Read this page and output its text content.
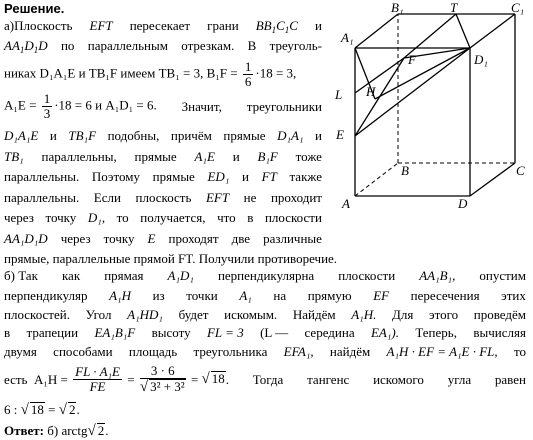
Решение.
а)Плоскость EFT пересекает грани $BB_1C_1C$ и
$AA_1D_1D$ по параллельным отрезкам. В треуголь-
никах D₁A₁E и TB₁F имеем TB₁ = 3, $B_1F = \frac{1}{6} \cdot 18 = 3$,
$A_1E = \frac{1}{3} \cdot 18 = 6$ и A₁D₁ = 6. Значит, треугольники
D₁A₁E и TB₁F подобны, причём прямые D₁A₁ и
TB₁ параллельны, прямые A₁E и B₁F тоже
параллельны. Поэтому прямые ED₁ и FT также
параллельны. Если плоскость EFT не проходит
через точку D₁, то получается, что в плоскости
AA₁D₁D через точку E проходят две различные
прямые, параллельные прямой FT. Получили противоречие.
б) Так как прямая A₁D₁ перпендикулярна плоскости AA₁B₁, опустим
перпендикуляр A₁H из точки A₁ на прямую EF пересечения этих
плоскостей. Угол A₁HD₁ будет искомым. Найдём A₁H. Для этого проведём
в трапеции EA₁B₁F высоту FL = 3 (L — середина EA₁). Теперь, вычисляя
двумя способами площадь треугольника EFA₁, найдём A₁H · EF = A₁E · FL, то
есть  $A_1H = \frac{\text{FL · A₁E}}{FE} = \frac{3 \cdot 6}{\text{√ 3² + 3²}}$ = √ 18 . Тогда тангенс искомого угла равен
6 : √ 18 = √ 2.
Ответ: б) arctg√ 2.
B₁	T	C₁
A₁
F	D₁
L H
E
B	C
A	D
